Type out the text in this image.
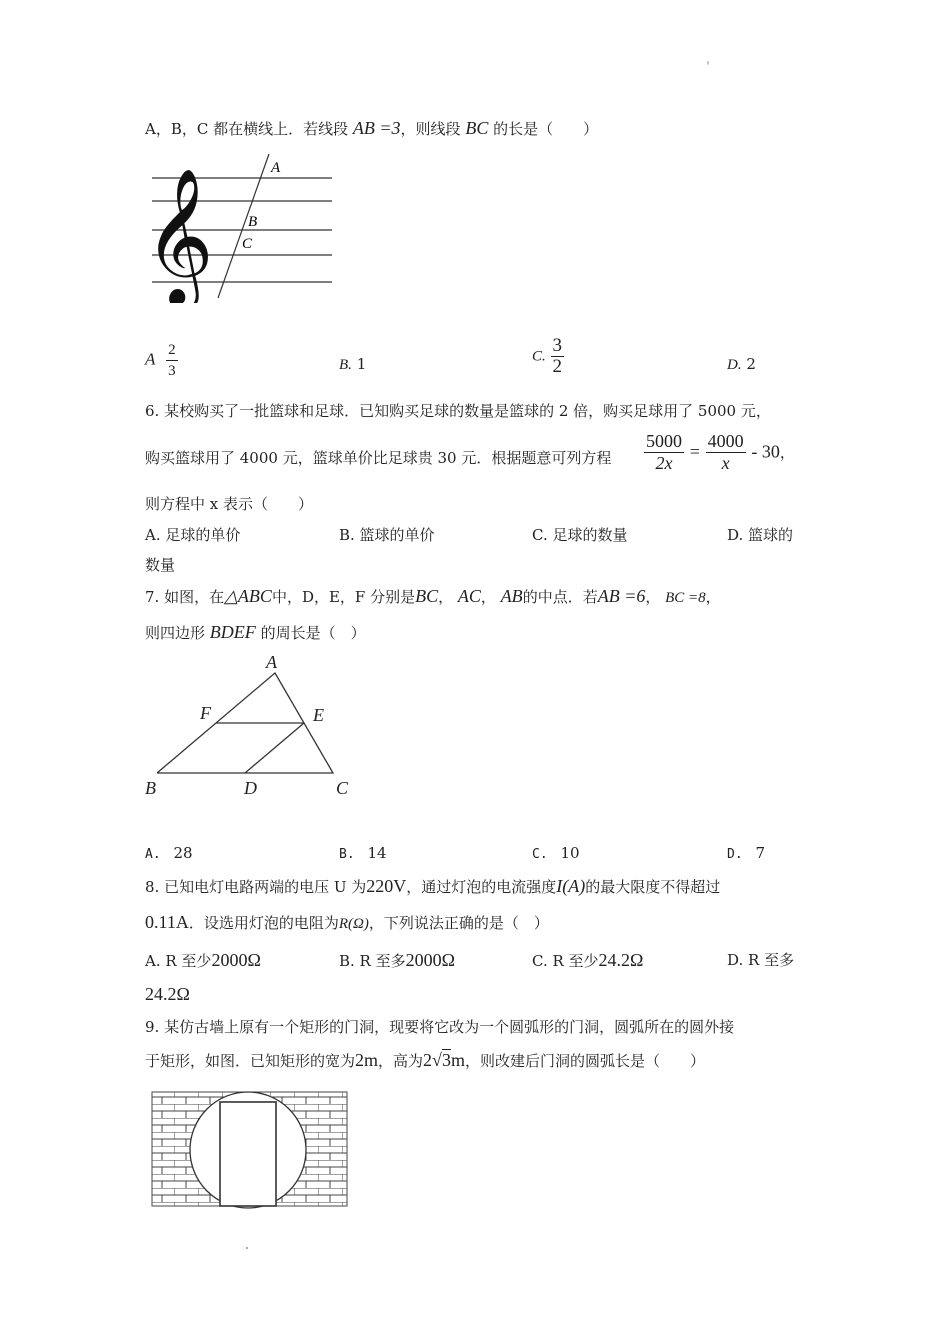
'
.
A，B，C 都在横线上．若线段 AB =3，则线段 BC 的长是（　　）
𝄞
A
B
C
A $\frac{2}{3}$	B. 1	C. $\frac{3}{2}$	D. 2
6. 某校购买了一批篮球和足球．已知购买足球的数量是篮球的 2 倍，购买足球用了 5000 元，
购买篮球用了 4000 元，篮球单价比足球贵 30 元．根据题意可列方程 $\frac{5000}{2x} = \frac{4000}{x} - 30$，
则方程中 x 表示（　　）
A. 足球的单价	B. 篮球的单价	C. 足球的数量	D. 篮球的
数量
7. 如图，在△ABC中，D，E，F 分别是BC， AC， AB的中点．若AB =6， BC =8，
则四边形 BDEF 的周长是（　）
A
F	E
B	D	C
A. 28	B. 14	C. 10	D. 7
8. 已知电灯电路两端的电压 U 为220V，通过灯泡的电流强度I(A)的最大限度不得超过
0.11A．设选用灯泡的电阻为R(Ω)，下列说法正确的是（　）
A. R 至少2000Ω	B. R 至多2000Ω	C. R 至少24.2Ω	D. R 至多
24.2Ω
9. 某仿古墙上原有一个矩形的门洞，现要将它改为一个圆弧形的门洞，圆弧所在的圆外接
于矩形，如图．已知矩形的宽为2m，高为2√3m，则改建后门洞的圆弧长是（　　）
